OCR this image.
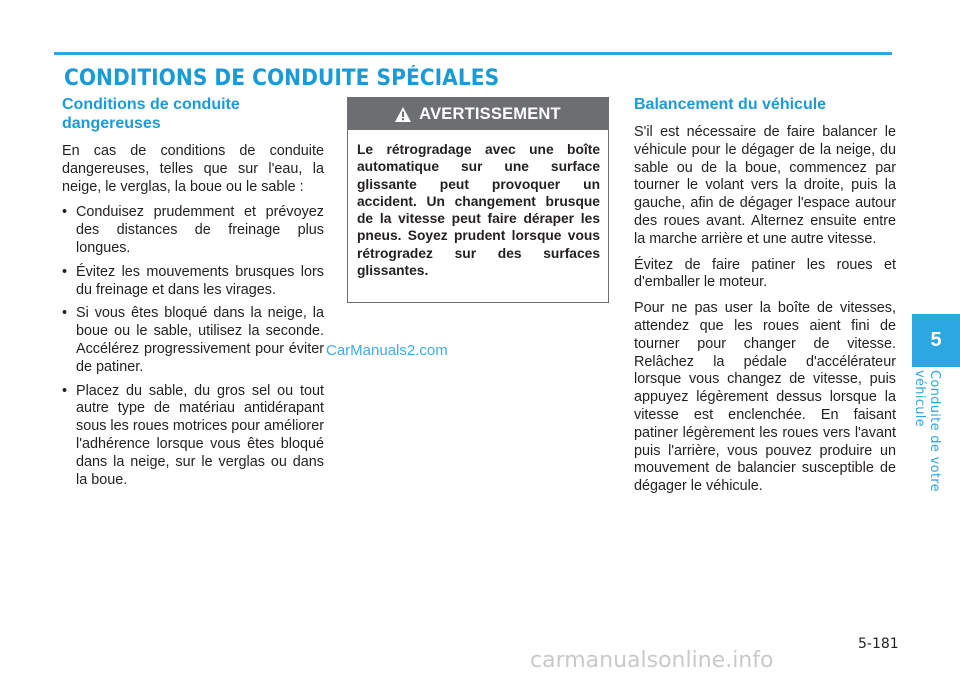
CONDITIONS DE CONDUITE SPÉCIALES
Conditions de conduite dangereuses

En cas de conditions de conduite dangereuses, telles que sur l'eau, la neige, le verglas, la boue ou le sable :

• Conduisez prudemment et prévoyez des distances de freinage plus longues.
• Évitez les mouvements brusques lors du freinage et dans les virages.
• Si vous êtes bloqué dans la neige, la boue ou le sable, utilisez la seconde. Accélérez progressivement pour éviter de patiner.
• Placez du sable, du gros sel ou tout autre type de matériau antidérapant sous les roues motrices pour améliorer l'adhérence lorsque vous êtes bloqué dans la neige, sur le verglas ou dans la boue.
AVERTISSEMENT
Le rétrogradage avec une boîte automatique sur une surface glissante peut provoquer un accident. Un changement brusque de la vitesse peut faire déraper les pneus. Soyez prudent lorsque vous rétrogradez sur des surfaces glissantes.
CarManuals2.com
Balancement du véhicule

S'il est nécessaire de faire balancer le véhicule pour le dégager de la neige, du sable ou de la boue, commencez par tourner le volant vers la droite, puis la gauche, afin de dégager l'espace autour des roues avant. Alternez ensuite entre la marche arrière et une autre vitesse.

Évitez de faire patiner les roues et d'emballer le moteur.

Pour ne pas user la boîte de vitesses, attendez que les roues aient fini de tourner pour changer de vitesse. Relâchez la pédale d'accélérateur lorsque vous changez de vitesse, puis appuyez légèrement dessus lorsque la vitesse est enclenchée. En faisant patiner légèrement les roues vers l'avant puis l'arrière, vous pouvez produire un mouvement de balancier susceptible de dégager le véhicule.

5
Conduite de votre véhicule
5-181
carmanualsonline.info
